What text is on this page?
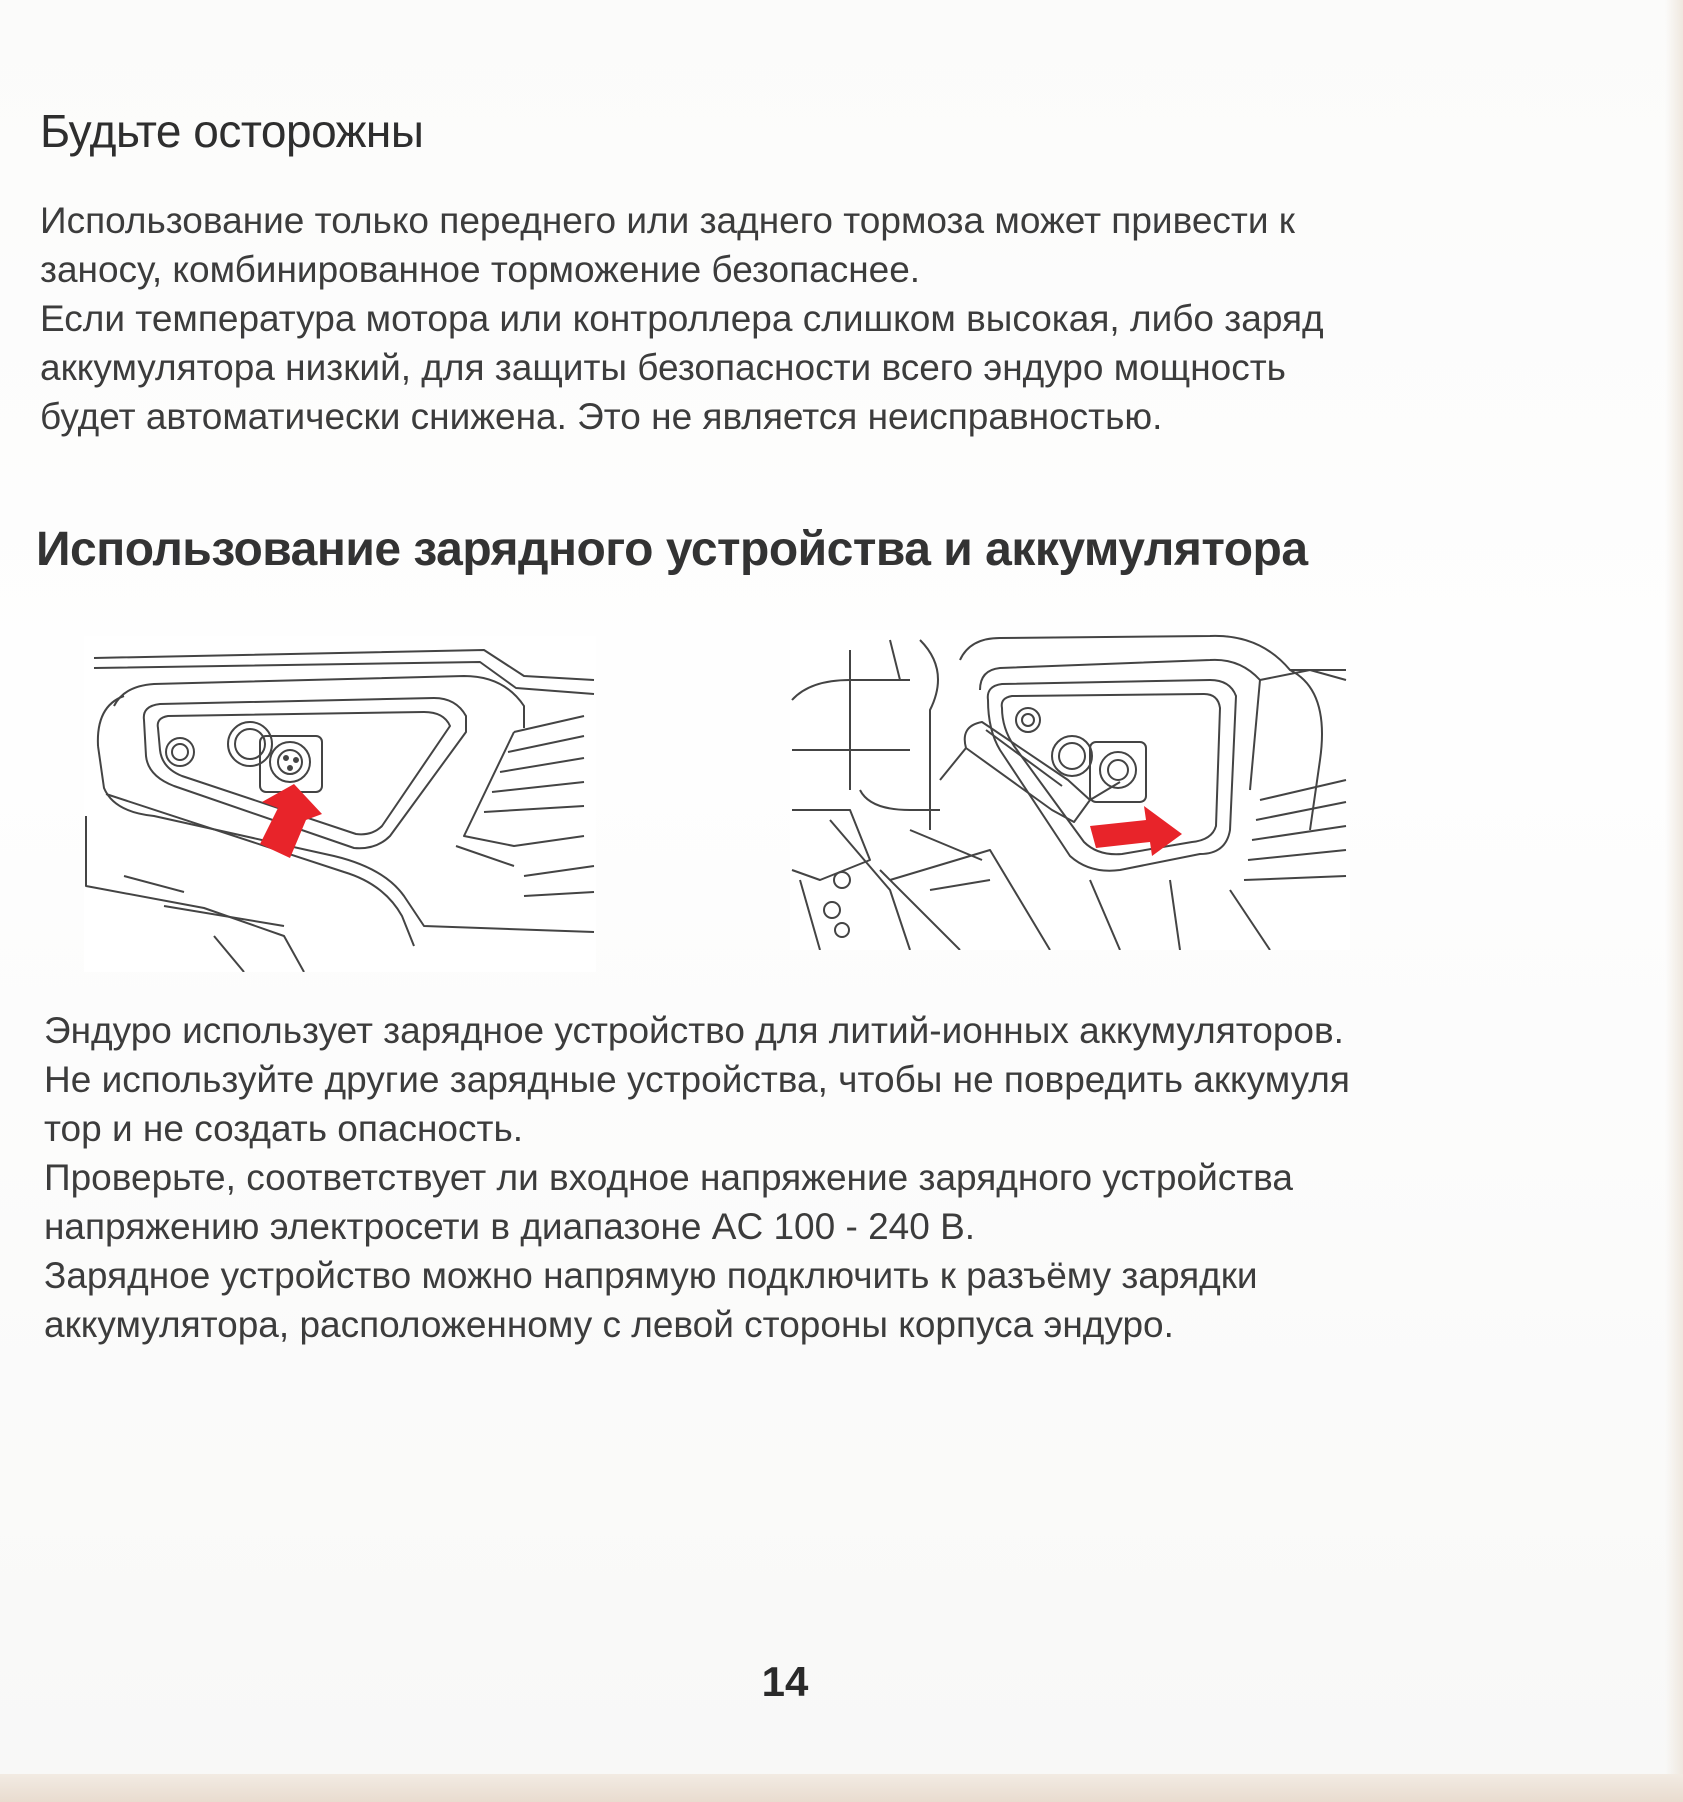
Будьте осторожны
Использование только переднего или заднего тормоза может привести к
заносу, комбинированное торможение безопаснее.
Если температура мотора или контроллера слишком высокая, либо заряд
аккумулятора низкий, для защиты безопасности всего эндуро мощность
будет автоматически снижена. Это не является неисправностью.
Использование зарядного устройства и аккумулятора
Эндуро использует зарядное устройство для литий-ионных аккумуляторов.
Не используйте другие зарядные устройства, чтобы не повредить аккумуля
тор и не создать опасность.
Проверьте, соответствует ли входное напряжение зарядного устройства
напряжению электросети в диапазоне AC 100 - 240 В.
Зарядное устройство можно напрямую подключить к разъёму зарядки
аккумулятора, расположенному с левой стороны корпуса эндуро.
14
